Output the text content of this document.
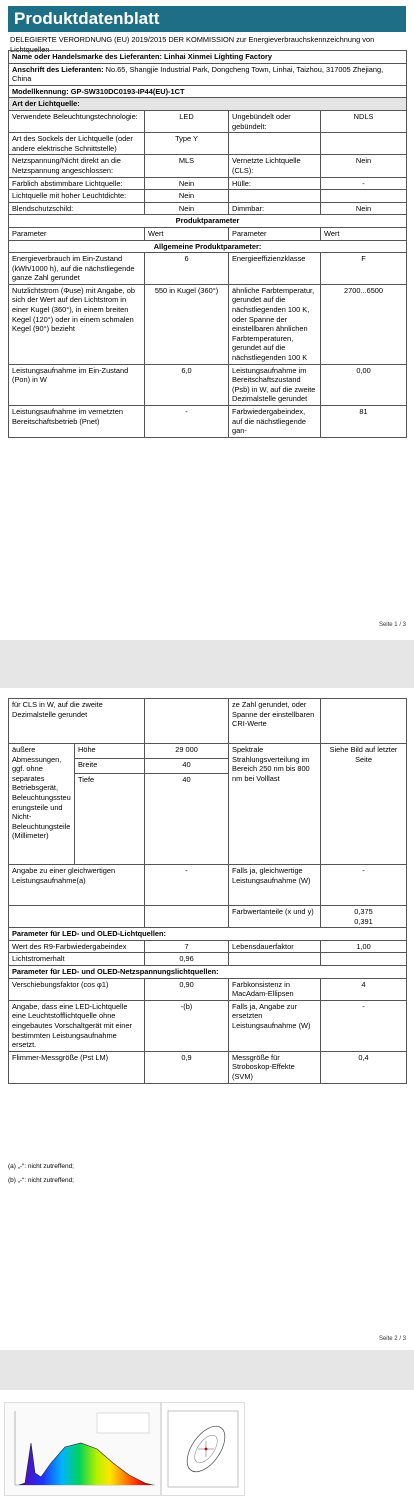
Produktdatenblatt
DELEGIERTE VERORDNUNG (EU) 2019/2015 DER KOMMISSION zur Energieverbrauchskennzeichnung von Lichtquellen
Name oder Handelsmarke des Lieferanten: Linhai Xinmei Lighting Factory			
Anschrift des Lieferanten: No.65, Shangjie Industrial Park, Dongcheng Town, Linhai, Taizhou, 317005 Zhejiang, China			
Modellkennung: GP-SW310DC0193-IP44(EU)-1CT			
Art der Lichtquelle:			
Verwendete Beleuchtungstechnologie:	LED	Ungebündelt oder gebündelt:	NDLS
Art des Sockels der Lichtquelle (oder andere elektrische Schnittstelle)	Type Y		
Netzspannung/Nicht direkt an die Netzspannung angeschlossen:	MLS	Vernetzte Lichtquelle (CLS):	Nein
Farblich abstimmbare Lichtquelle:	Nein	Hülle:	-
Lichtquelle mit hoher Leuchtdichte:	Nein		
Blendschutzschild:	Nein	Dimmbar:	Nein
Produktparameter			
Parameter	Wert	Parameter	Wert
Allgemeine Produktparameter:			
Energieverbrauch im Ein-Zustand (kWh/1000 h), auf die nächstliegende ganze Zahl gerundet	6	Energieeffizienzklasse	F
Nutzlichtstrom (Φuse) mit Angabe, ob sich der Wert auf den Lichtstrom in einer Kugel (360°), in einem breiten Kegel (120°) oder in einem schmalen Kegel (90°) bezieht	550 in Kugel (360°)	ähnliche Farbtemperatur, gerundet auf die nächstliegenden 100 K, oder Spanne der einstellbaren ähnlichen Farbtemperaturen, gerundet auf die nächstliegenden 100 K	2700...6500
Leistungsaufnahme im Ein-Zustand (Pon) in W	6,0	Leistungsaufnahme im Bereitschaftszustand (Psb) in W, auf die zweite Dezimalstelle gerundet	0,00
Leistungsaufnahme im vernetzten Bereitschaftsbetrieb (Pnet)	-	Farbwiedergabeindex, auf die nächstliegende gan-	81
Seite 1 / 3
für CLS in W, auf die zweite Dezimalstelle gerundet			ze Zahl gerundet, oder Spanne der einstellbaren CRI-Werte	
äußere Abmessungen, ggf. ohne separates Betriebsgerät, Beleuchtungssteuerungsteile und Nicht-Beleuchtungsteile (Millimeter)	Höhe	29 000	Spektrale Strahlungsverteilung im Bereich 250 nm bis 800 nm bei Volllast	Siehe Bild auf letzter Seite
	Breite	40		
	Tiefe	40		
Angabe zu einer gleichwertigen Leistungsaufnahme(a)		-	Falls ja, gleichwertige Leistungsaufnahme (W)	-
			Farbwertanteile (x und y)	0,375
0,391

Parameter für LED- und OLED-Lichtquellen:				
Wert des R9-Farbwiedergabeindex		7	Lebensdauerfaktor	1,00
Lichtstromerhalt		0,96		
Parameter für LED- und OLED-Netzspannungslichtquellen:				
Verschiebungsfaktor (cos φ1)		0,90	Farbkonsistenz in MacAdam-Ellipsen	4
Angabe, dass eine LED-Lichtquelle eine Leuchtstofflichtquelle ohne eingebautes Vorschaltgerät mit einer bestimmten Leistungsaufnahme ersetzt.		-(b)	Falls ja, Angabe zur ersetzten Leistungsaufnahme (W)	-
Flimmer-Messgröße (Pst LM)		0,9	Messgröße für Stroboskop-Effekte (SVM)	0,4
(a) „-“: nicht zutreffend;
(b) „-“: nicht zutreffend;
Seite 2 / 3
